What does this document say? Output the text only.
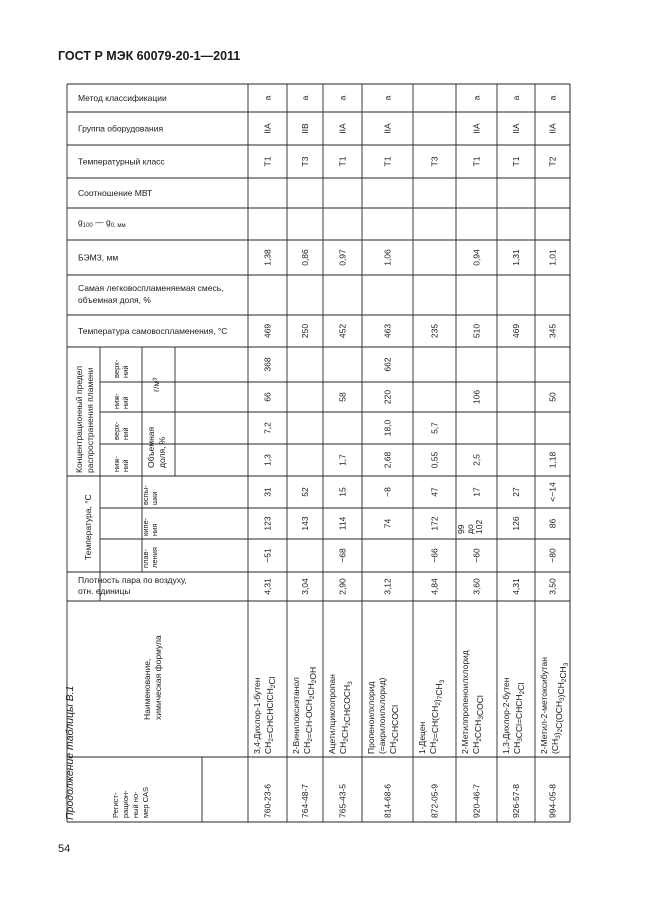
ГОСТ Р МЭК 60079-20-1—2011
54
Продолжение таблицы В.1
Метод классификации
Группа оборудования
Температурный класс
Соотношение МВТ
$g_{100}$ — $g_{0, мм}$
БЭМЗ, мм
Самая легковоспламеняемая смесь,
объемная доля, %
Температура самовоспламенения, °C
Плотность пара по воздуху,
отн. единицы
Концентрационный предел распространения пламени
Температура, °C
верх- ний
ниж- ний
верх- ний
ниж- ний
г/м³
Объемная доля, %
вспы- шки
кипе- ния
плав- ления
Наименование, химическая формула
Регист- рацион- ный но- мер CAS
а
IIA
T1
1,38
469
368
66
7,2
1,3
31
4,31
−51
123
3,4-Дихлор-1-бутен $CH_2=CHCHClCH_2Cl$
760-23-6
а
IIB
T3
0,86
250
52
3,04
143
2-Винилоксиэтанол $CH_2=CH-OCH_2CH_2OH$
764-48-7
а
IIA
T1
0,97
452
58
1,7
15
2,90
−68
114
Ацетилциклопропан $CH_2CH_2CHCOCH_3$
765-43-5
а
IIA
T1
1,06
463
662
220
18,0
2,68
−8
3,12
74
Пропеноилхлорид (=акрилоилхлорид) $CH_2CHCOCl$
814-68-6
T3
235
5,7
0,55
47
4,84
−66
172
1-Децен $CH_2=CH(CH_2)_7CH_3$
872-05-9
а
IIA
T1
0,94
510
106
2,5
17
3,60
−60
99 до 102
2-Метилпропеноилхлорид $CH_2CCH_3COCl$
920-46-7
а
IIA
T1
1,31
469
27
4,31
126
1,3-Дихлор-2-бутен $CH_3CCl=CHCH_2Cl$
926-57-8
а
IIA
T2
1,01
345
50
1,18
<−14
3,50
−80
86
2-Метил-2-метоксибутан $(CH_3)_2C(OCH_3)CH_2CH_3$
994-05-8
